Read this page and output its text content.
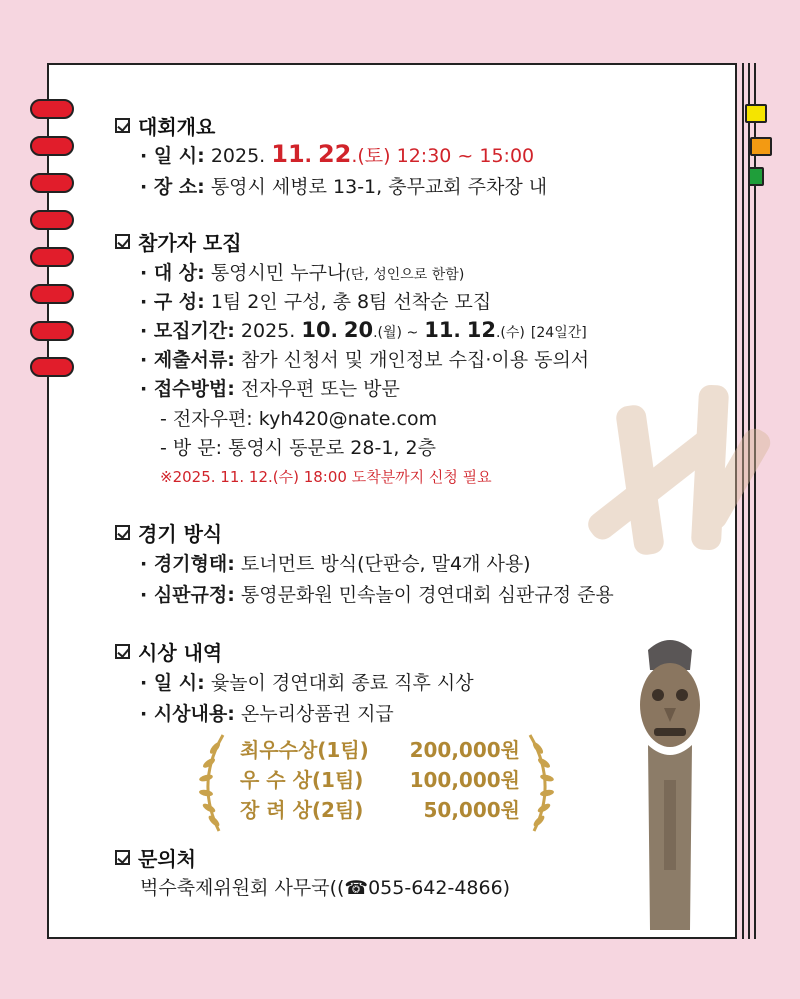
대회개요
· 일 시: 2025. 11. 22.(토) 12:30 ~ 15:00
· 장 소: 통영시 세병로 13-1, 충무교회 주차장 내
참가자 모집
· 대 상: 통영시민 누구나(단, 성인으로 한함)
· 구 성: 1팀 2인 구성, 총 8팀 선착순 모집
· 모집기간: 2025. 10. 20.(월) ~ 11. 12.(수) [24일간]
· 제출서류: 참가 신청서 및 개인정보 수집·이용 동의서
· 접수방법: 전자우편 또는 방문
- 전자우편: kyh420@nate.com
- 방 문: 통영시 동문로 28-1, 2층
※2025. 11. 12.(수) 18:00 도착분까지 신청 필요
경기 방식
· 경기형태: 토너먼트 방식(단판승, 말4개 사용)
· 심판규정: 통영문화원 민속놀이 경연대회 심판규정 준용
시상 내역
· 일 시: 윷놀이 경연대회 종료 직후 시상
· 시상내용: 온누리상품권 지급
최우수상(1팀) 200,000원
우 수 상(1팀) 100,000원
장 려 상(2팀)	50,000원
문의처
벅수축제위원회 사무국((☎055-642-4866)
